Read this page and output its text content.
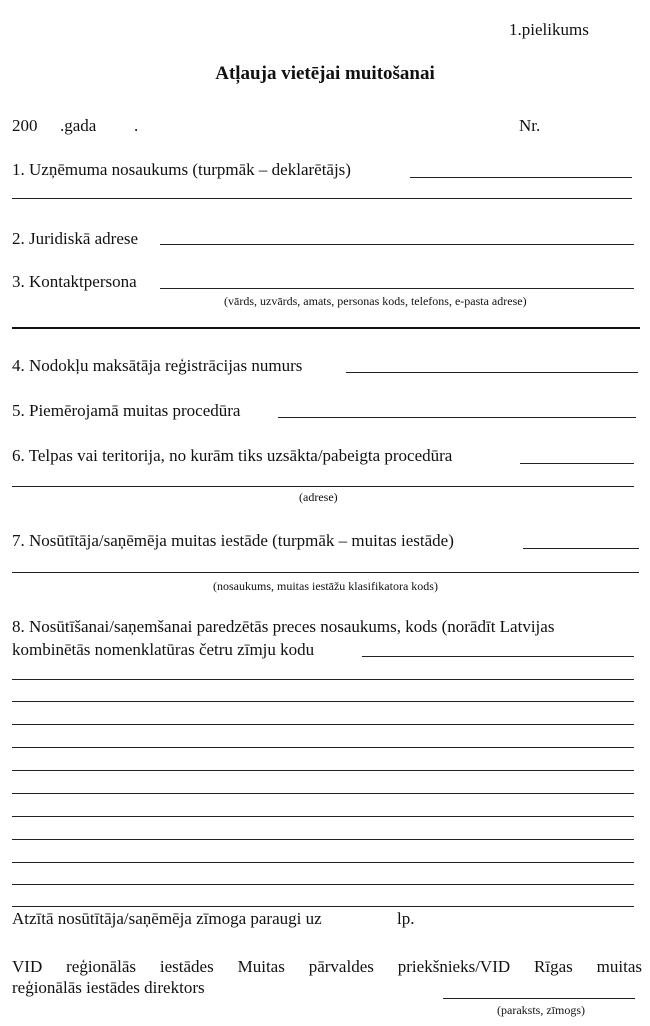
1.pielikums
Atļauja vietējai muitošanai
200 .gada .	Nr.
1. Uzņēmuma nosaukums (turpmāk – deklarētājs)
2. Juridiskā adrese
3. Kontaktpersona
(vārds, uzvārds, amats, personas kods, telefons, e-pasta adrese)
4. Nodokļu maksātāja reģistrācijas numurs
5. Piemērojamā muitas procedūra
6. Telpas vai teritorija, no kurām tiks uzsākta/pabeigta procedūra
(adrese)
7. Nosūtītāja/saņēmēja muitas iestāde (turpmāk – muitas iestāde)
(nosaukums, muitas iestāžu klasifikatora kods)
8. Nosūtīšanai/saņemšanai paredzētās preces nosaukums, kods (norādīt Latvijas
kombinētās nomenklatūras četru zīmju kodu
Atzītā nosūtītāja/saņēmēja zīmoga paraugi uz	lp.
VID reģionālās iestādes Muitas pārvaldes priekšnieks/VID Rīgas muitas
reģionālās iestādes direktors
(paraksts, zīmogs)
